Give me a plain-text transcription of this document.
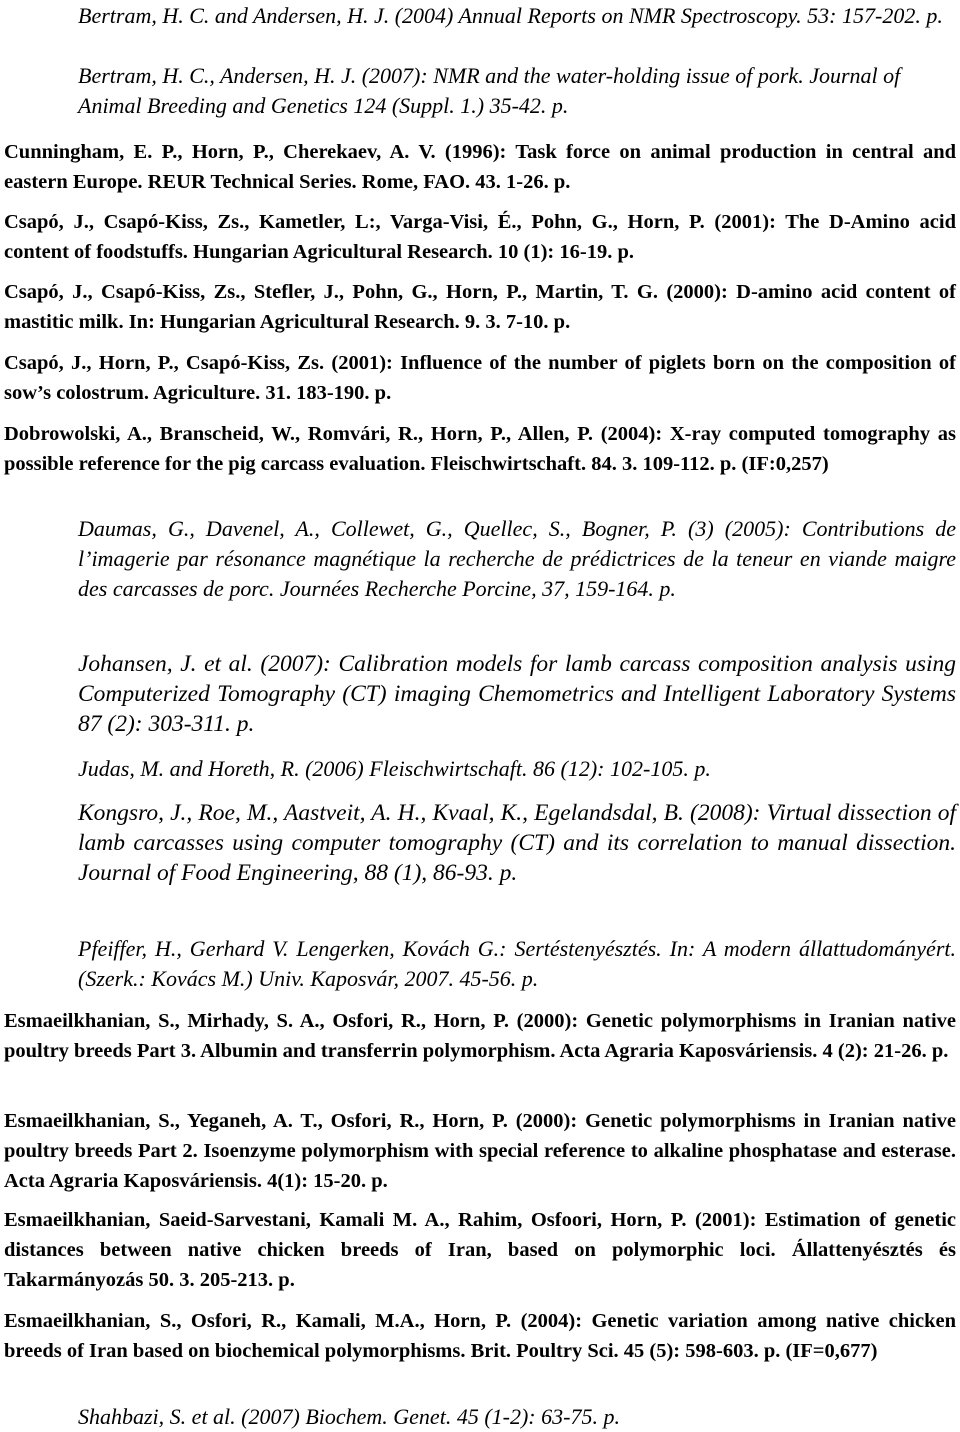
Bertram, H. C. and Andersen, H. J. (2004) Annual Reports on NMR Spectroscopy. 53: 157-202. p.

Bertram, H. C., Andersen, H. J. (2007): NMR and the water-holding issue of pork. Journal of Animal Breeding and Genetics 124 (Suppl. 1.) 35-42. p.

Cunningham, E. P., Horn, P., Cherekaev, A. V. (1996): Task force on animal production in central and eastern Europe. REUR Technical Series. Rome, FAO. 43. 1-26. p.

Csapó, J., Csapó-Kiss, Zs., Kametler, L:, Varga-Visi, É., Pohn, G., Horn, P. (2001): The D-Amino acid content of foodstuffs. Hungarian Agricultural Research. 10 (1): 16-19. p.

Csapó, J., Csapó-Kiss, Zs., Stefler, J., Pohn, G., Horn, P., Martin, T. G. (2000): D-amino acid content of mastitic milk. In: Hungarian Agricultural Research. 9. 3. 7-10. p.

Csapó, J., Horn, P., Csapó-Kiss, Zs. (2001): Influence of the number of piglets born on the composition of sow’s colostrum. Agriculture. 31. 183-190. p.

Dobrowolski, A., Branscheid, W., Romvári, R., Horn, P., Allen, P. (2004): X-ray computed tomography as possible reference for the pig carcass evaluation. Fleischwirtschaft. 84. 3. 109-112. p. (IF:0,257)

Daumas, G., Davenel, A., Collewet, G., Quellec, S., Bogner, P. (3) (2005): Contributions de l’imagerie par résonance magnétique la recherche de prédictrices de la teneur en viande maigre des carcasses de porc. Journées Recherche Porcine, 37, 159-164. p.

Johansen, J. et al. (2007): Calibration models for lamb carcass composition analysis using Computerized Tomography (CT) imaging Chemometrics and Intelligent Laboratory Systems 87 (2): 303-311. p.

Judas, M. and Horeth, R. (2006) Fleischwirtschaft. 86 (12): 102-105. p.

Kongsro, J., Roe, M., Aastveit, A. H., Kvaal, K., Egelandsdal, B. (2008): Virtual dissection of lamb carcasses using computer tomography (CT) and its correlation to manual dissection. Journal of Food Engineering, 88 (1), 86-93. p.

Pfeiffer, H., Gerhard V. Lengerken, Kovách G.: Sertéstenyésztés. In: A modern állattudományért. (Szerk.: Kovács M.) Univ. Kaposvár, 2007. 45-56. p.

Esmaeilkhanian, S., Mirhady, S. A., Osfori, R., Horn, P. (2000): Genetic polymorphisms in Iranian native poultry breeds Part 3. Albumin and transferrin polymorphism. Acta Agraria Kaposváriensis. 4 (2): 21-26. p.

Esmaeilkhanian, S., Yeganeh, A. T., Osfori, R., Horn, P. (2000): Genetic polymorphisms in Iranian native poultry breeds Part 2. Isoenzyme polymorphism with special reference to alkaline phosphatase and esterase. Acta Agraria Kaposváriensis. 4(1): 15-20. p.

Esmaeilkhanian, Saeid-Sarvestani, Kamali M. A., Rahim, Osfoori, Horn, P. (2001): Estimation of genetic distances between native chicken breeds of Iran, based on polymorphic loci. Állattenyésztés és Takarmányozás 50. 3. 205-213. p.

Esmaeilkhanian, S., Osfori, R., Kamali, M.A., Horn, P. (2004): Genetic variation among native chicken breeds of Iran based on biochemical polymorphisms. Brit. Poultry Sci. 45 (5): 598-603. p. (IF=0,677)

Shahbazi, S. et al. (2007) Biochem. Genet. 45 (1-2): 63-75. p.
